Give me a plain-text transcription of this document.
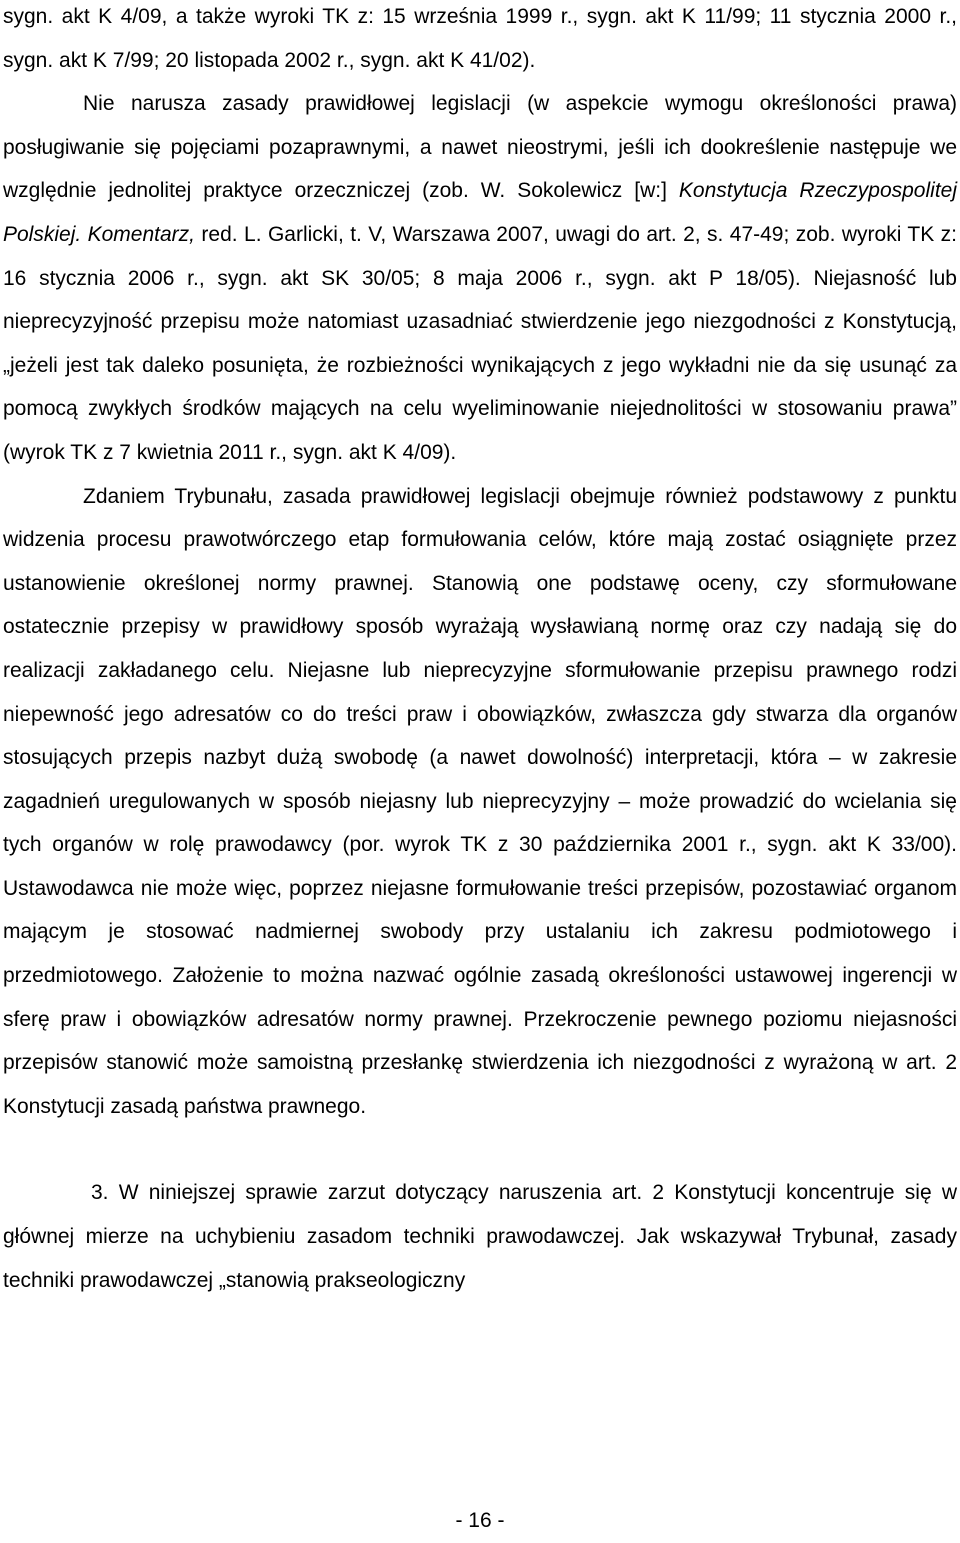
sygn. akt K 4/09, a także wyroki TK z: 15 września 1999 r., sygn. akt K 11/99; 11 stycznia 2000 r., sygn. akt K 7/99; 20 listopada 2002 r., sygn. akt K 41/02).

Nie narusza zasady prawidłowej legislacji (w aspekcie wymogu określoności prawa) posługiwanie się pojęciami pozaprawnymi, a nawet nieostrymi, jeśli ich dookreślenie następuje we względnie jednolitej praktyce orzeczniczej (zob. W. Sokolewicz [w:] Konstytucja Rzeczypospolitej Polskiej. Komentarz, red. L. Garlicki, t. V, Warszawa 2007, uwagi do art. 2, s. 47-49; zob. wyroki TK z: 16 stycznia 2006 r., sygn. akt SK 30/05; 8 maja 2006 r., sygn. akt P 18/05). Niejasność lub nieprecyzyjność przepisu może natomiast uzasadniać stwierdzenie jego niezgodności z Konstytucją, „jeżeli jest tak daleko posunięta, że rozbieżności wynikających z jego wykładni nie da się usunąć za pomocą zwykłych środków mających na celu wyeliminowanie niejednolitości w stosowaniu prawa” (wyrok TK z 7 kwietnia 2011 r., sygn. akt K 4/09).

Zdaniem Trybunału, zasada prawidłowej legislacji obejmuje również podstawowy z punktu widzenia procesu prawotwórczego etap formułowania celów, które mają zostać osiągnięte przez ustanowienie określonej normy prawnej. Stanowią one podstawę oceny, czy sformułowane ostatecznie przepisy w prawidłowy sposób wyrażają wysławianą normę oraz czy nadają się do realizacji zakładanego celu. Niejasne lub nieprecyzyjne sformułowanie przepisu prawnego rodzi niepewność jego adresatów co do treści praw i obowiązków, zwłaszcza gdy stwarza dla organów stosujących przepis nazbyt dużą swobodę (a nawet dowolność) interpretacji, która – w zakresie zagadnień uregulowanych w sposób niejasny lub nieprecyzyjny – może prowadzić do wcielania się tych organów w rolę prawodawcy (por. wyrok TK z 30 października 2001 r., sygn. akt K 33/00). Ustawodawca nie może więc, poprzez niejasne formułowanie treści przepisów, pozostawiać organom mającym je stosować nadmiernej swobody przy ustalaniu ich zakresu podmiotowego i przedmiotowego. Założenie to można nazwać ogólnie zasadą określoności ustawowej ingerencji w sferę praw i obowiązków adresatów normy prawnej. Przekroczenie pewnego poziomu niejasności przepisów stanowić może samoistną przesłankę stwierdzenia ich niezgodności z wyrażoną w art. 2 Konstytucji zasadą państwa prawnego.

3. W niniejszej sprawie zarzut dotyczący naruszenia art. 2 Konstytucji koncentruje się w głównej mierze na uchybieniu zasadom techniki prawodawczej. Jak wskazywał Trybunał, zasady techniki prawodawczej „stanowią prakseologiczny

- 16 -
